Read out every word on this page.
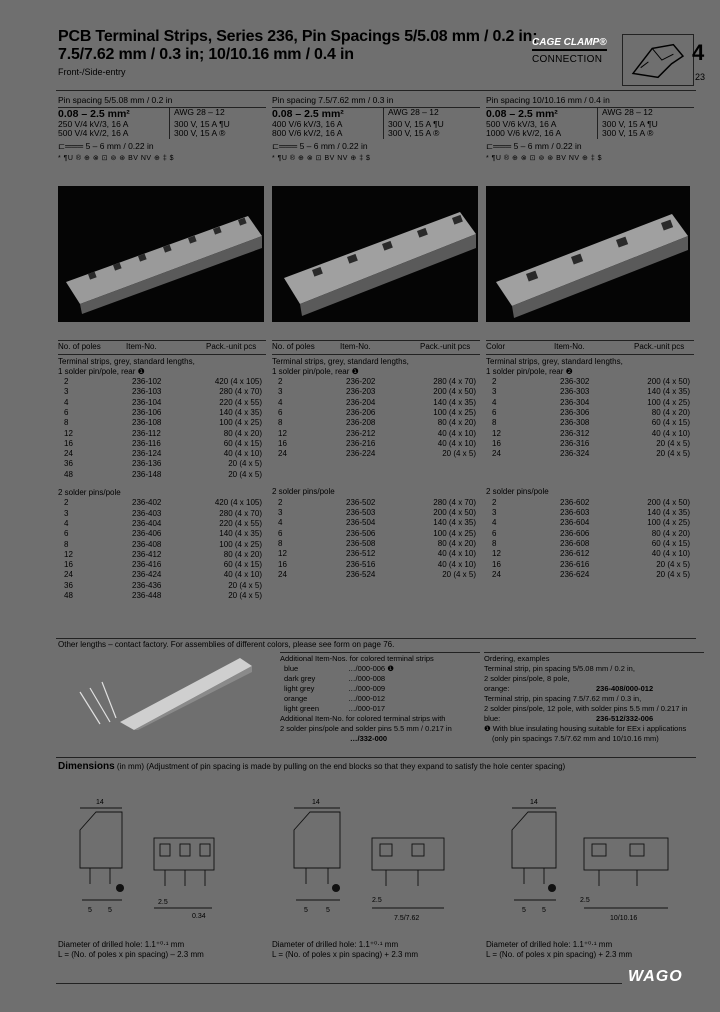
PCB Terminal Strips, Series 236, Pin Spacings 5/5.08 mm / 0.2 in; 7.5/7.62 mm / 0.3 in; 10/10.16 mm / 0.4 in
Front-/Side-entry
CAGE CLAMP®
CONNECTION	4
23
Pin spacing 5/5.08 mm / 0.2 in
0.08 – 2.5 mm²	AWG 28 – 12
250 V/4 kV/3, 16 A	300 V, 15 A ¶U
500 V/4 kV/2, 16 A	300 V, 15 A ®
⊏═══ 5 – 6 mm / 0.22 in
* ¶U ® ⊕ ⊗ ⊡ ⊚ ⊛ BV NV ⊕ ‡ $
Pin spacing 7.5/7.62 mm / 0.3 in
0.08 – 2.5 mm²	AWG 28 – 12
400 V/6 kV/3, 16 A	300 V, 15 A ¶U
800 V/6 kV/2, 16 A	300 V, 15 A ®
⊏═══ 5 – 6 mm / 0.22 in
* ¶U ® ⊕ ⊗ ⊡ BV NV ⊕ ‡ $
Pin spacing 10/10.16 mm / 0.4 in
0.08 – 2.5 mm²	AWG 28 – 12
500 V/6 kV/3, 16 A	300 V, 15 A ¶U
1000 V/6 kV/2, 16 A	300 V, 15 A ®
⊏═══ 5 – 6 mm / 0.22 in
* ¶U ® ⊕ ⊗ ⊡ ⊚ ⊛ BV NV ⊕ ‡ $
No. of poles	Item-No.	Pack.-unit pcs
Terminal strips, grey, standard lengths,
1 solder pin/pole, rear ❶
2	236-102	420 (4 x 105)
3	236-103	280 (4 x 70)
4	236-104	220 (4 x 55)
6	236-106	140 (4 x 35)
8	236-108	100 (4 x 25)
12	236-112	80 (4 x 20)
16	236-116	60 (4 x 15)
24	236-124	40 (4 x 10)
36	236-136	20 (4 x 5)
48	236-148	20 (4 x 5)
2 solder pins/pole
2	236-402	420 (4 x 105)
3	236-403	280 (4 x 70)
4	236-404	220 (4 x 55)
6	236-406	140 (4 x 35)
8	236-408	100 (4 x 25)
12	236-412	80 (4 x 20)
16	236-416	60 (4 x 15)
24	236-424	40 (4 x 10)
36	236-436	20 (4 x 5)
48	236-448	20 (4 x 5)
No. of poles	Item-No.	Pack.-unit pcs
Terminal strips, grey, standard lengths,
1 solder pin/pole, rear ❶
2	236-202	280 (4 x 70)
3	236-203	200 (4 x 50)
4	236-204	140 (4 x 35)
6	236-206	100 (4 x 25)
8	236-208	80 (4 x 20)
12	236-212	40 (4 x 10)
16	236-216	40 (4 x 10)
24	236-224	20 (4 x 5)
2 solder pins/pole
2	236-502	280 (4 x 70)
3	236-503	200 (4 x 50)
4	236-504	140 (4 x 35)
6	236-506	100 (4 x 25)
8	236-508	80 (4 x 20)
12	236-512	40 (4 x 10)
16	236-516	40 (4 x 10)
24	236-524	20 (4 x 5)
Color	Item-No.	Pack.-unit pcs
Terminal strips, grey, standard lengths,
1 solder pin/pole, rear ❷
2	236-302	200 (4 x 50)
3	236-303	140 (4 x 35)
4	236-304	100 (4 x 25)
6	236-306	80 (4 x 20)
8	236-308	60 (4 x 15)
12	236-312	40 (4 x 10)
16	236-316	20 (4 x 5)
24	236-324	20 (4 x 5)
2 solder pins/pole
2	236-602	200 (4 x 50)
3	236-603	140 (4 x 35)
4	236-604	100 (4 x 25)
6	236-606	80 (4 x 20)
8	236-608	60 (4 x 15)
12	236-612	40 (4 x 10)
16	236-616	20 (4 x 5)
24	236-624	20 (4 x 5)
Other lengths – contact factory. For assemblies of different colors, please see form on page 76.
Additional Item-Nos. for colored terminal strips
blue	…/000-006 ❶
dark grey	…/000-008
light grey	…/000-009
orange	…/000-012
light green	…/000-017
Additional Item-No. for colored terminal strips with
2 solder pins/pole and solder pins 5.5 mm / 0.217 in
…/332-000
Ordering, examples
Terminal strip, pin spacing 5/5.08 mm / 0.2 in,
2 solder pins/pole, 8 pole,
orange:	236-408/000-012
Terminal strip, pin spacing 7.5/7.62 mm / 0.3 in,
2 solder pins/pole, 12 pole, with solder pins 5.5 mm / 0.217 in
blue:	236-512/332-006
❶ With blue insulating housing suitable for EEx i applications
(only pin spacings 7.5/7.62 mm and 10/10.16 mm)
Dimensions (in mm) (Adjustment of pin spacing is made by pulling on the end blocks so that they expand to satisfy the hole center spacing)
14
5 5
2.5
0.34
14
5	5
2.5
7.5/7.62
14
5 5
2.5
10/10.16
Diameter of drilled hole: 1.1⁺⁰·¹ mm
L = (No. of poles x pin spacing) – 2.3 mm
Diameter of drilled hole: 1.1⁺⁰·¹ mm
L = (No. of poles x pin spacing) + 2.3 mm
Diameter of drilled hole: 1.1⁺⁰·¹ mm
L = (No. of poles x pin spacing) + 2.3 mm
WAGO
